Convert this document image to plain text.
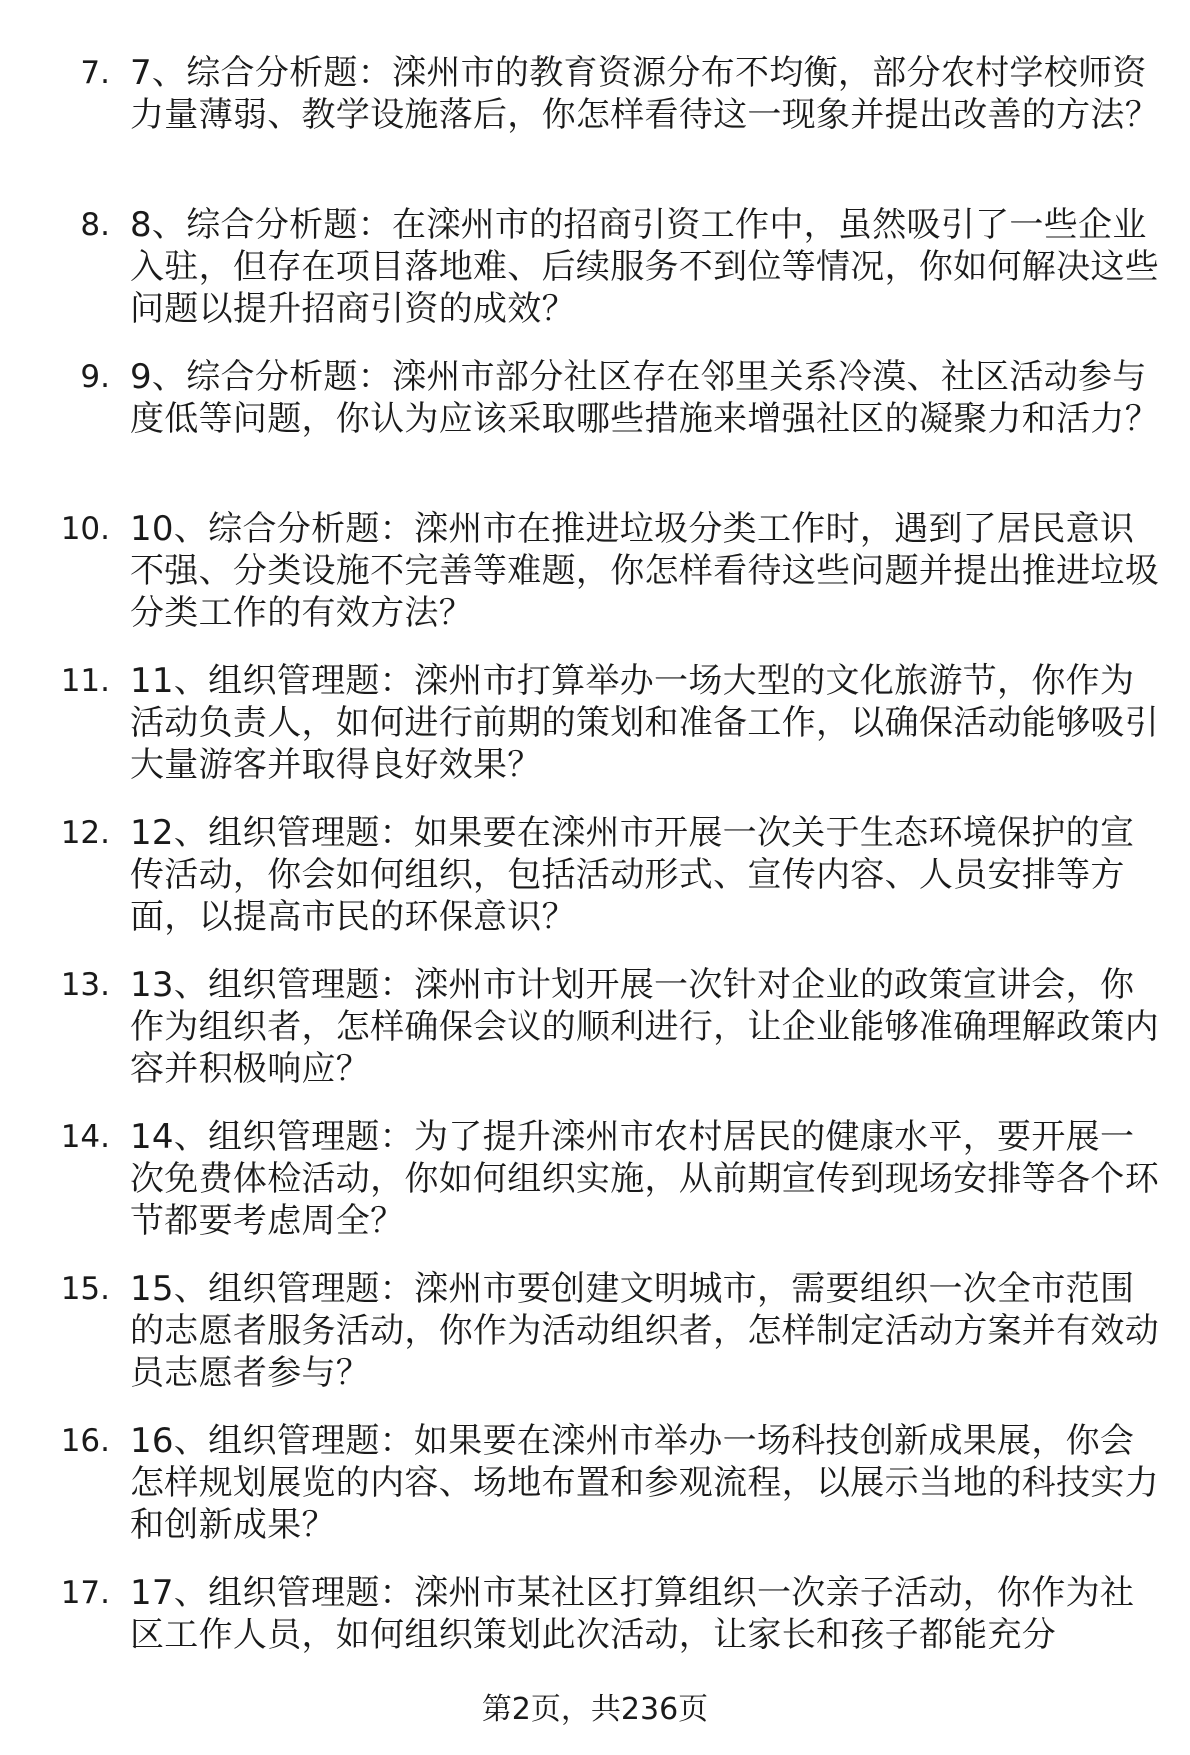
7. 7、综合分析题：滦州市的教育资源分布不均衡，部分农村学校师资力量薄弱、教学设施落后，你怎样看待这一现象并提出改善的方法？
8. 8、综合分析题：在滦州市的招商引资工作中，虽然吸引了一些企业入驻，但存在项目落地难、后续服务不到位等情况，你如何解决这些问题以提升招商引资的成效？
9. 9、综合分析题：滦州市部分社区存在邻里关系冷漠、社区活动参与度低等问题，你认为应该采取哪些措施来增强社区的凝聚力和活力？
10. 10、综合分析题：滦州市在推进垃圾分类工作时，遇到了居民意识不强、分类设施不完善等难题，你怎样看待这些问题并提出推进垃圾分类工作的有效方法？
11. 11、组织管理题：滦州市打算举办一场大型的文化旅游节，你作为活动负责人，如何进行前期的策划和准备工作，以确保活动能够吸引大量游客并取得良好效果？
12. 12、组织管理题：如果要在滦州市开展一次关于生态环境保护的宣传活动，你会如何组织，包括活动形式、宣传内容、人员安排等方面，以提高市民的环保意识？
13. 13、组织管理题：滦州市计划开展一次针对企业的政策宣讲会，你作为组织者，怎样确保会议的顺利进行，让企业能够准确理解政策内容并积极响应？
14. 14、组织管理题：为了提升滦州市农村居民的健康水平，要开展一次免费体检活动，你如何组织实施，从前期宣传到现场安排等各个环节都要考虑周全？
15. 15、组织管理题：滦州市要创建文明城市，需要组织一次全市范围的志愿者服务活动，你作为活动组织者，怎样制定活动方案并有效动员志愿者参与？
16. 16、组织管理题：如果要在滦州市举办一场科技创新成果展，你会怎样规划展览的内容、场地布置和参观流程，以展示当地的科技实力和创新成果？
17. 17、组织管理题：滦州市某社区打算组织一次亲子活动，你作为社区工作人员，如何组织策划此次活动，让家长和孩子都能充分
第2页，共236页
